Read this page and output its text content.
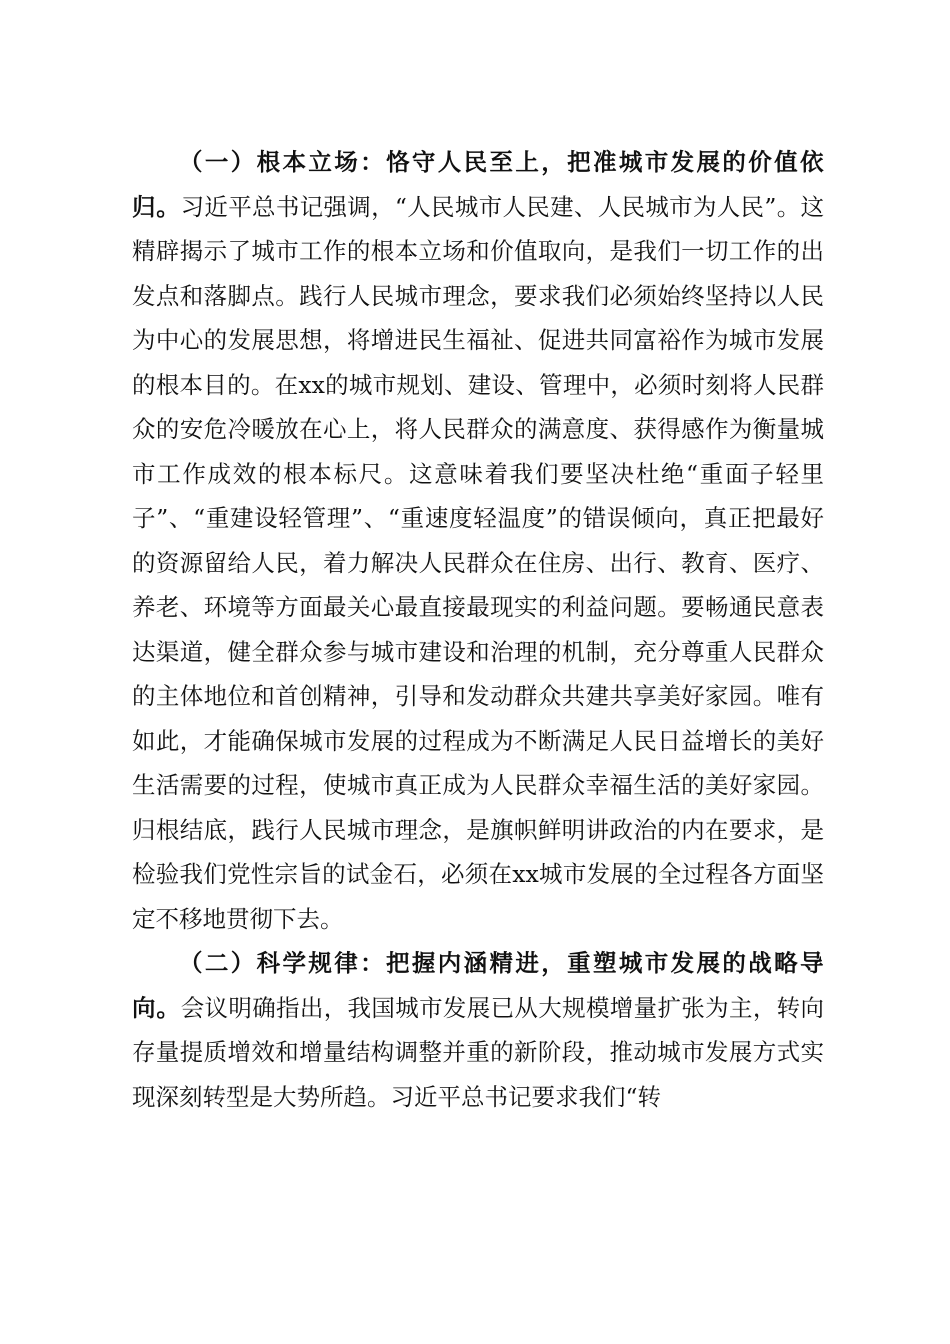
（一）根本立场：恪守人民至上，把准城市发展的价值依归。习近平总书记强调，“人民城市人民建、人民城市为人民”。这精辟揭示了城市工作的根本立场和价值取向，是我们一切工作的出发点和落脚点。践行人民城市理念，要求我们必须始终坚持以人民为中心的发展思想，将增进民生福祉、促进共同富裕作为城市发展的根本目的。在xx的城市规划、建设、管理中，必须时刻将人民群众的安危冷暖放在心上，将人民群众的满意度、获得感作为衡量城市工作成效的根本标尺。这意味着我们要坚决杜绝“重面子轻里子”、“重建设轻管理”、“重速度轻温度”的错误倾向，真正把最好的资源留给人民，着力解决人民群众在住房、出行、教育、医疗、养老、环境等方面最关心最直接最现实的利益问题。要畅通民意表达渠道，健全群众参与城市建设和治理的机制，充分尊重人民群众的主体地位和首创精神，引导和发动群众共建共享美好家园。唯有如此，才能确保城市发展的过程成为不断满足人民日益增长的美好生活需要的过程，使城市真正成为人民群众幸福生活的美好家园。归根结底，践行人民城市理念，是旗帜鲜明讲政治的内在要求，是检验我们党性宗旨的试金石，必须在xx城市发展的全过程各方面坚定不移地贯彻下去。

（二）科学规律：把握内涵精进，重塑城市发展的战略导向。会议明确指出，我国城市发展已从大规模增量扩张为主，转向存量提质增效和增量结构调整并重的新阶段，推动城市发展方式实现深刻转型是大势所趋。习近平总书记要求我们“转
